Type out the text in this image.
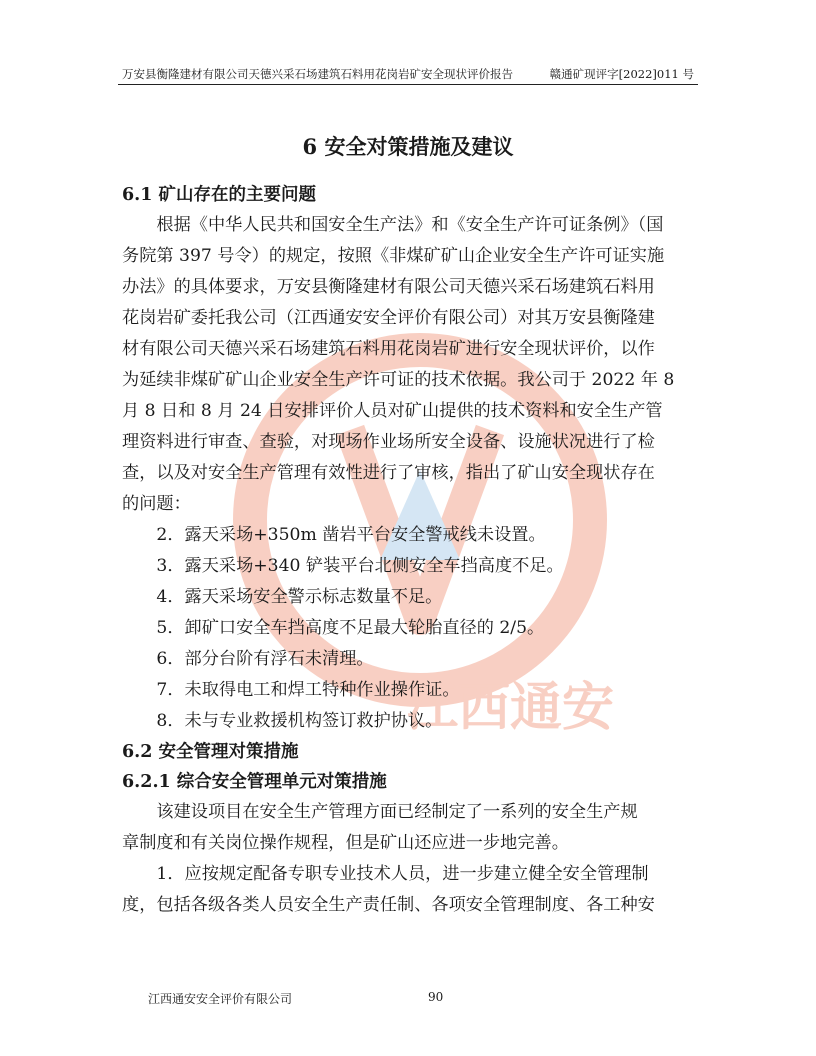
江西通安
万安县衡隆建材有限公司天德兴采石场建筑石料用花岗岩矿安全现状评价报告	赣通矿现评字[2022]011 号
6 安全对策措施及建议
6.1 矿山存在的主要问题
根据《中华人民共和国安全生产法》和《安全生产许可证条例》（国
务院第 397 号令）的规定，按照《非煤矿矿山企业安全生产许可证实施
办法》的具体要求，万安县衡隆建材有限公司天德兴采石场建筑石料用
花岗岩矿委托我公司（江西通安安全评价有限公司）对其万安县衡隆建
材有限公司天德兴采石场建筑石料用花岗岩矿进行安全现状评价，以作
为延续非煤矿矿山企业安全生产许可证的技术依据。我公司于 2022 年 8
月 8 日和 8 月 24 日安排评价人员对矿山提供的技术资料和安全生产管
理资料进行审查、查验，对现场作业场所安全设备、设施状况进行了检
查，以及对安全生产管理有效性进行了审核，指出了矿山安全现状存在
的问题：
2．露天采场+350m 凿岩平台安全警戒线未设置。
3．露天采场+340 铲装平台北侧安全车挡高度不足。
4．露天采场安全警示标志数量不足。
5．卸矿口安全车挡高度不足最大轮胎直径的 2/5。
6．部分台阶有浮石未清理。
7．未取得电工和焊工特种作业操作证。
8．未与专业救援机构签订救护协议。
6.2 安全管理对策措施
6.2.1 综合安全管理单元对策措施
该建设项目在安全生产管理方面已经制定了一系列的安全生产规
章制度和有关岗位操作规程，但是矿山还应进一步地完善。
1．应按规定配备专职专业技术人员，进一步建立健全安全管理制
度，包括各级各类人员安全生产责任制、各项安全管理制度、各工种安
江西通安安全评价有限公司	90
